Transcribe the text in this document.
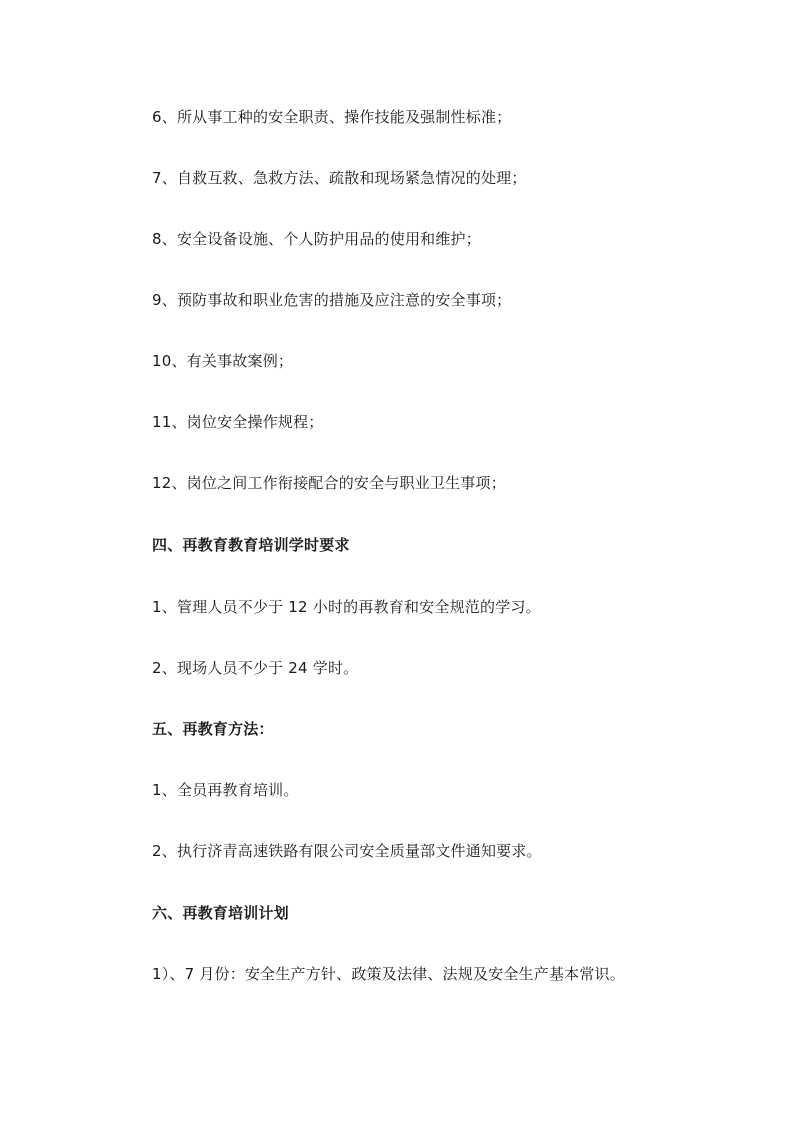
6、所从事工种的安全职责、操作技能及强制性标准；
7、自救互救、急救方法、疏散和现场紧急情况的处理；
8、安全设备设施、个人防护用品的使用和维护；
9、预防事故和职业危害的措施及应注意的安全事项；
10、有关事故案例；
11、岗位安全操作规程；
12、岗位之间工作衔接配合的安全与职业卫生事项；
四、再教育教育培训学时要求
1、管理人员不少于 12 小时的再教育和安全规范的学习。
2、现场人员不少于 24 学时。
五、再教育方法：
1、全员再教育培训。
2、执行济青高速铁路有限公司安全质量部文件通知要求。
六、再教育培训计划
1）、7 月份：安全生产方针、政策及法律、法规及安全生产基本常识。
